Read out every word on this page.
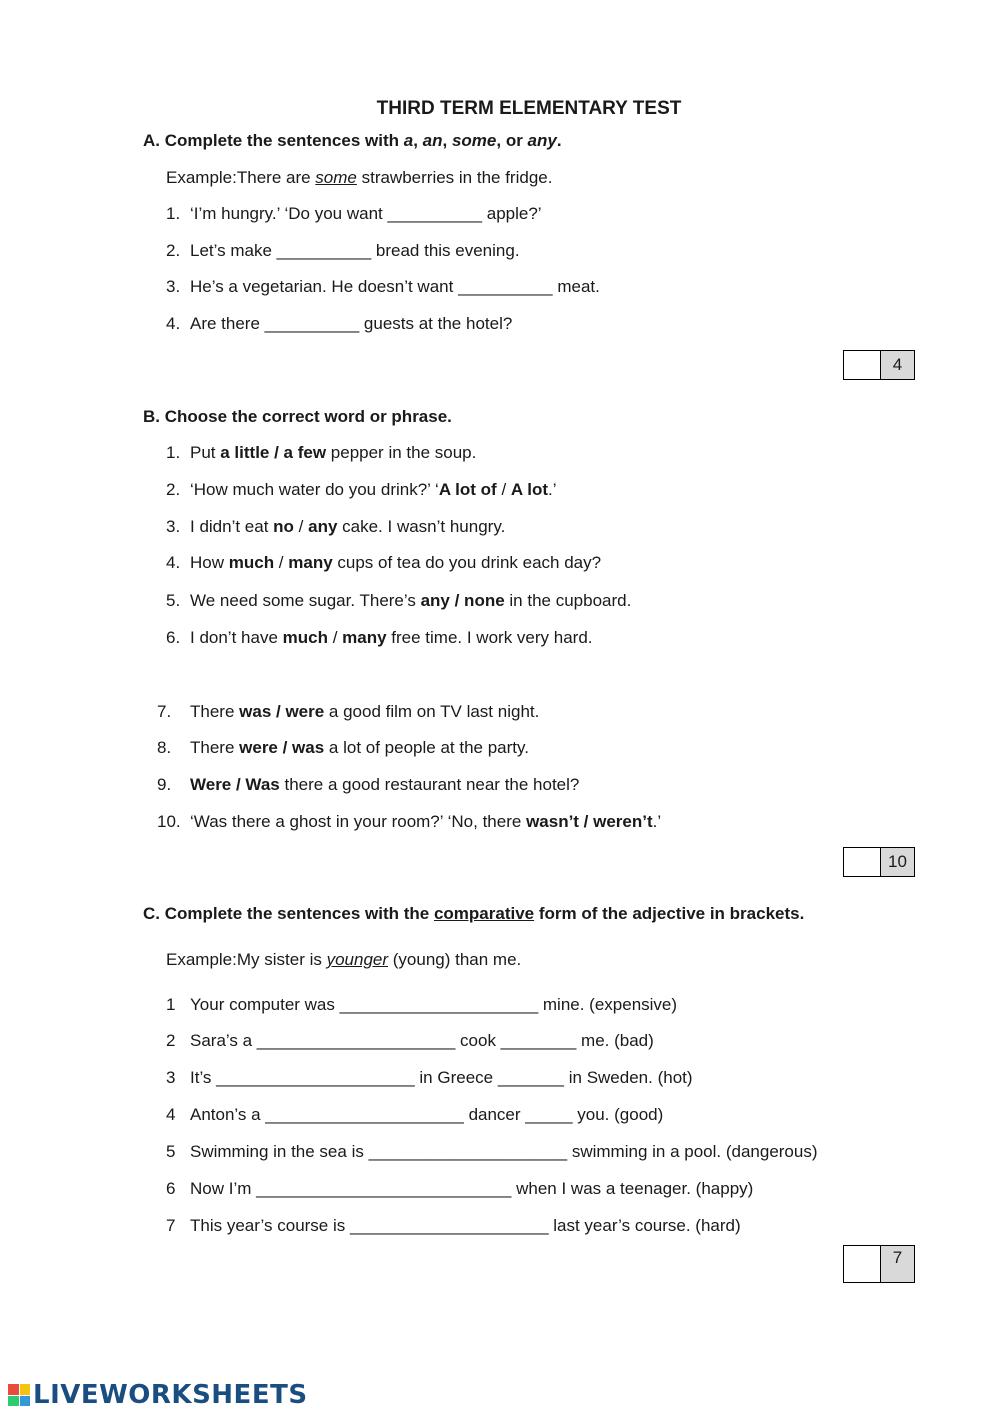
THIRD TERM ELEMENTARY TEST
A. Complete the sentences with a, an, some, or any.
Example:There are some strawberries in the fridge.
1. ‘I’m hungry.’ ‘Do you want __________ apple?’
2. Let’s make __________ bread this evening.
3. He’s a vegetarian. He doesn’t want __________ meat.
4. Are there __________ guests at the hotel?
4
B. Choose the correct word or phrase.
1. Put a little / a few pepper in the soup.
2. ‘How much water do you drink?’ ‘A lot of / A lot.’
3. I didn’t eat no / any cake. I wasn’t hungry.
4. How much / many cups of tea do you drink each day?
5. We need some sugar. There’s any / none in the cupboard.
6. I don’t have much / many free time. I work very hard.
7. There was / were a good film on TV last night.
8. There were / was a lot of people at the party.
9. Were / Was there a good restaurant near the hotel?
10. ‘Was there a ghost in your room?’ ‘No, there wasn’t / weren’t.’
10
C. Complete the sentences with the comparative form of the adjective in brackets.
Example:My sister is younger (young) than me.
1 Your computer was _____________________ mine. (expensive)
2 Sara’s a _____________________ cook ________ me. (bad)
3 It’s _____________________ in Greece _______ in Sweden. (hot)
4 Anton’s a _____________________ dancer _____ you. (good)
5 Swimming in the sea is _____________________ swimming in a pool. (dangerous)
6 Now I’m ___________________________ when I was a teenager. (happy)
7 This year’s course is _____________________ last year’s course. (hard)
7
LIVEWORKSHEETS
